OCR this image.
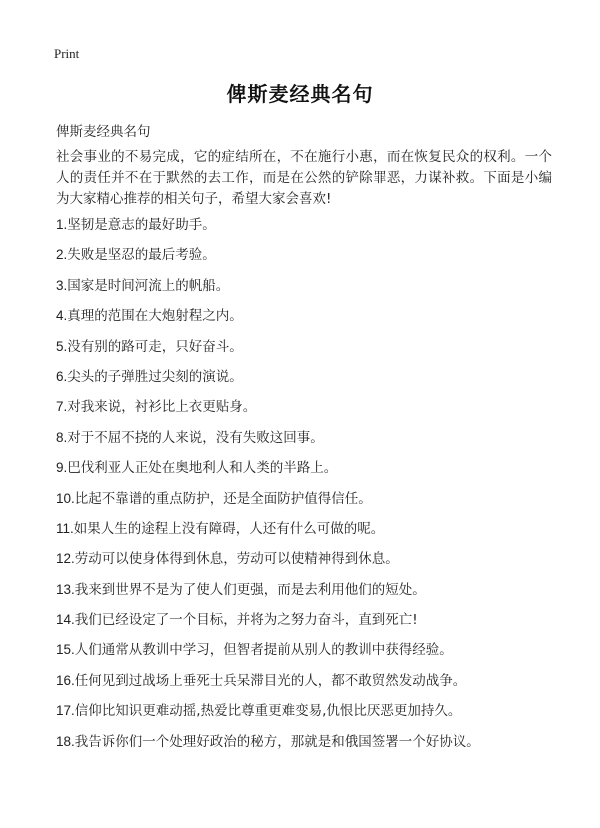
Print
俾斯麦经典名句
俾斯麦经典名句
社会事业的不易完成，它的症结所在，不在施行小惠，而在恢复民众的权利。一个人的责任并不在于默然的去工作，而是在公然的铲除罪恶，力谋补救。下面是小编为大家精心推荐的相关句子，希望大家会喜欢!
1.坚韧是意志的最好助手。
2.失败是坚忍的最后考验。
3.国家是时间河流上的帆船。
4.真理的范围在大炮射程之内。
5.没有别的路可走，只好奋斗。
6.尖头的子弹胜过尖刻的演说。
7.对我来说，衬衫比上衣更贴身。
8.对于不屈不挠的人来说，没有失败这回事。
9.巴伐利亚人正处在奥地利人和人类的半路上。
10.比起不靠谱的重点防护，还是全面防护值得信任。
11.如果人生的途程上没有障碍，人还有什么可做的呢。
12.劳动可以使身体得到休息，劳动可以使精神得到休息。
13.我来到世界不是为了使人们更强，而是去利用他们的短处。
14.我们已经设定了一个目标，并将为之努力奋斗，直到死亡!
15.人们通常从教训中学习，但智者提前从别人的教训中获得经验。
16.任何见到过战场上垂死士兵呆滞目光的人，都不敢贸然发动战争。
17.信仰比知识更难动摇,热爱比尊重更难变易,仇恨比厌恶更加持久。
18.我告诉你们一个处理好政治的秘方，那就是和俄国签署一个好协议。
